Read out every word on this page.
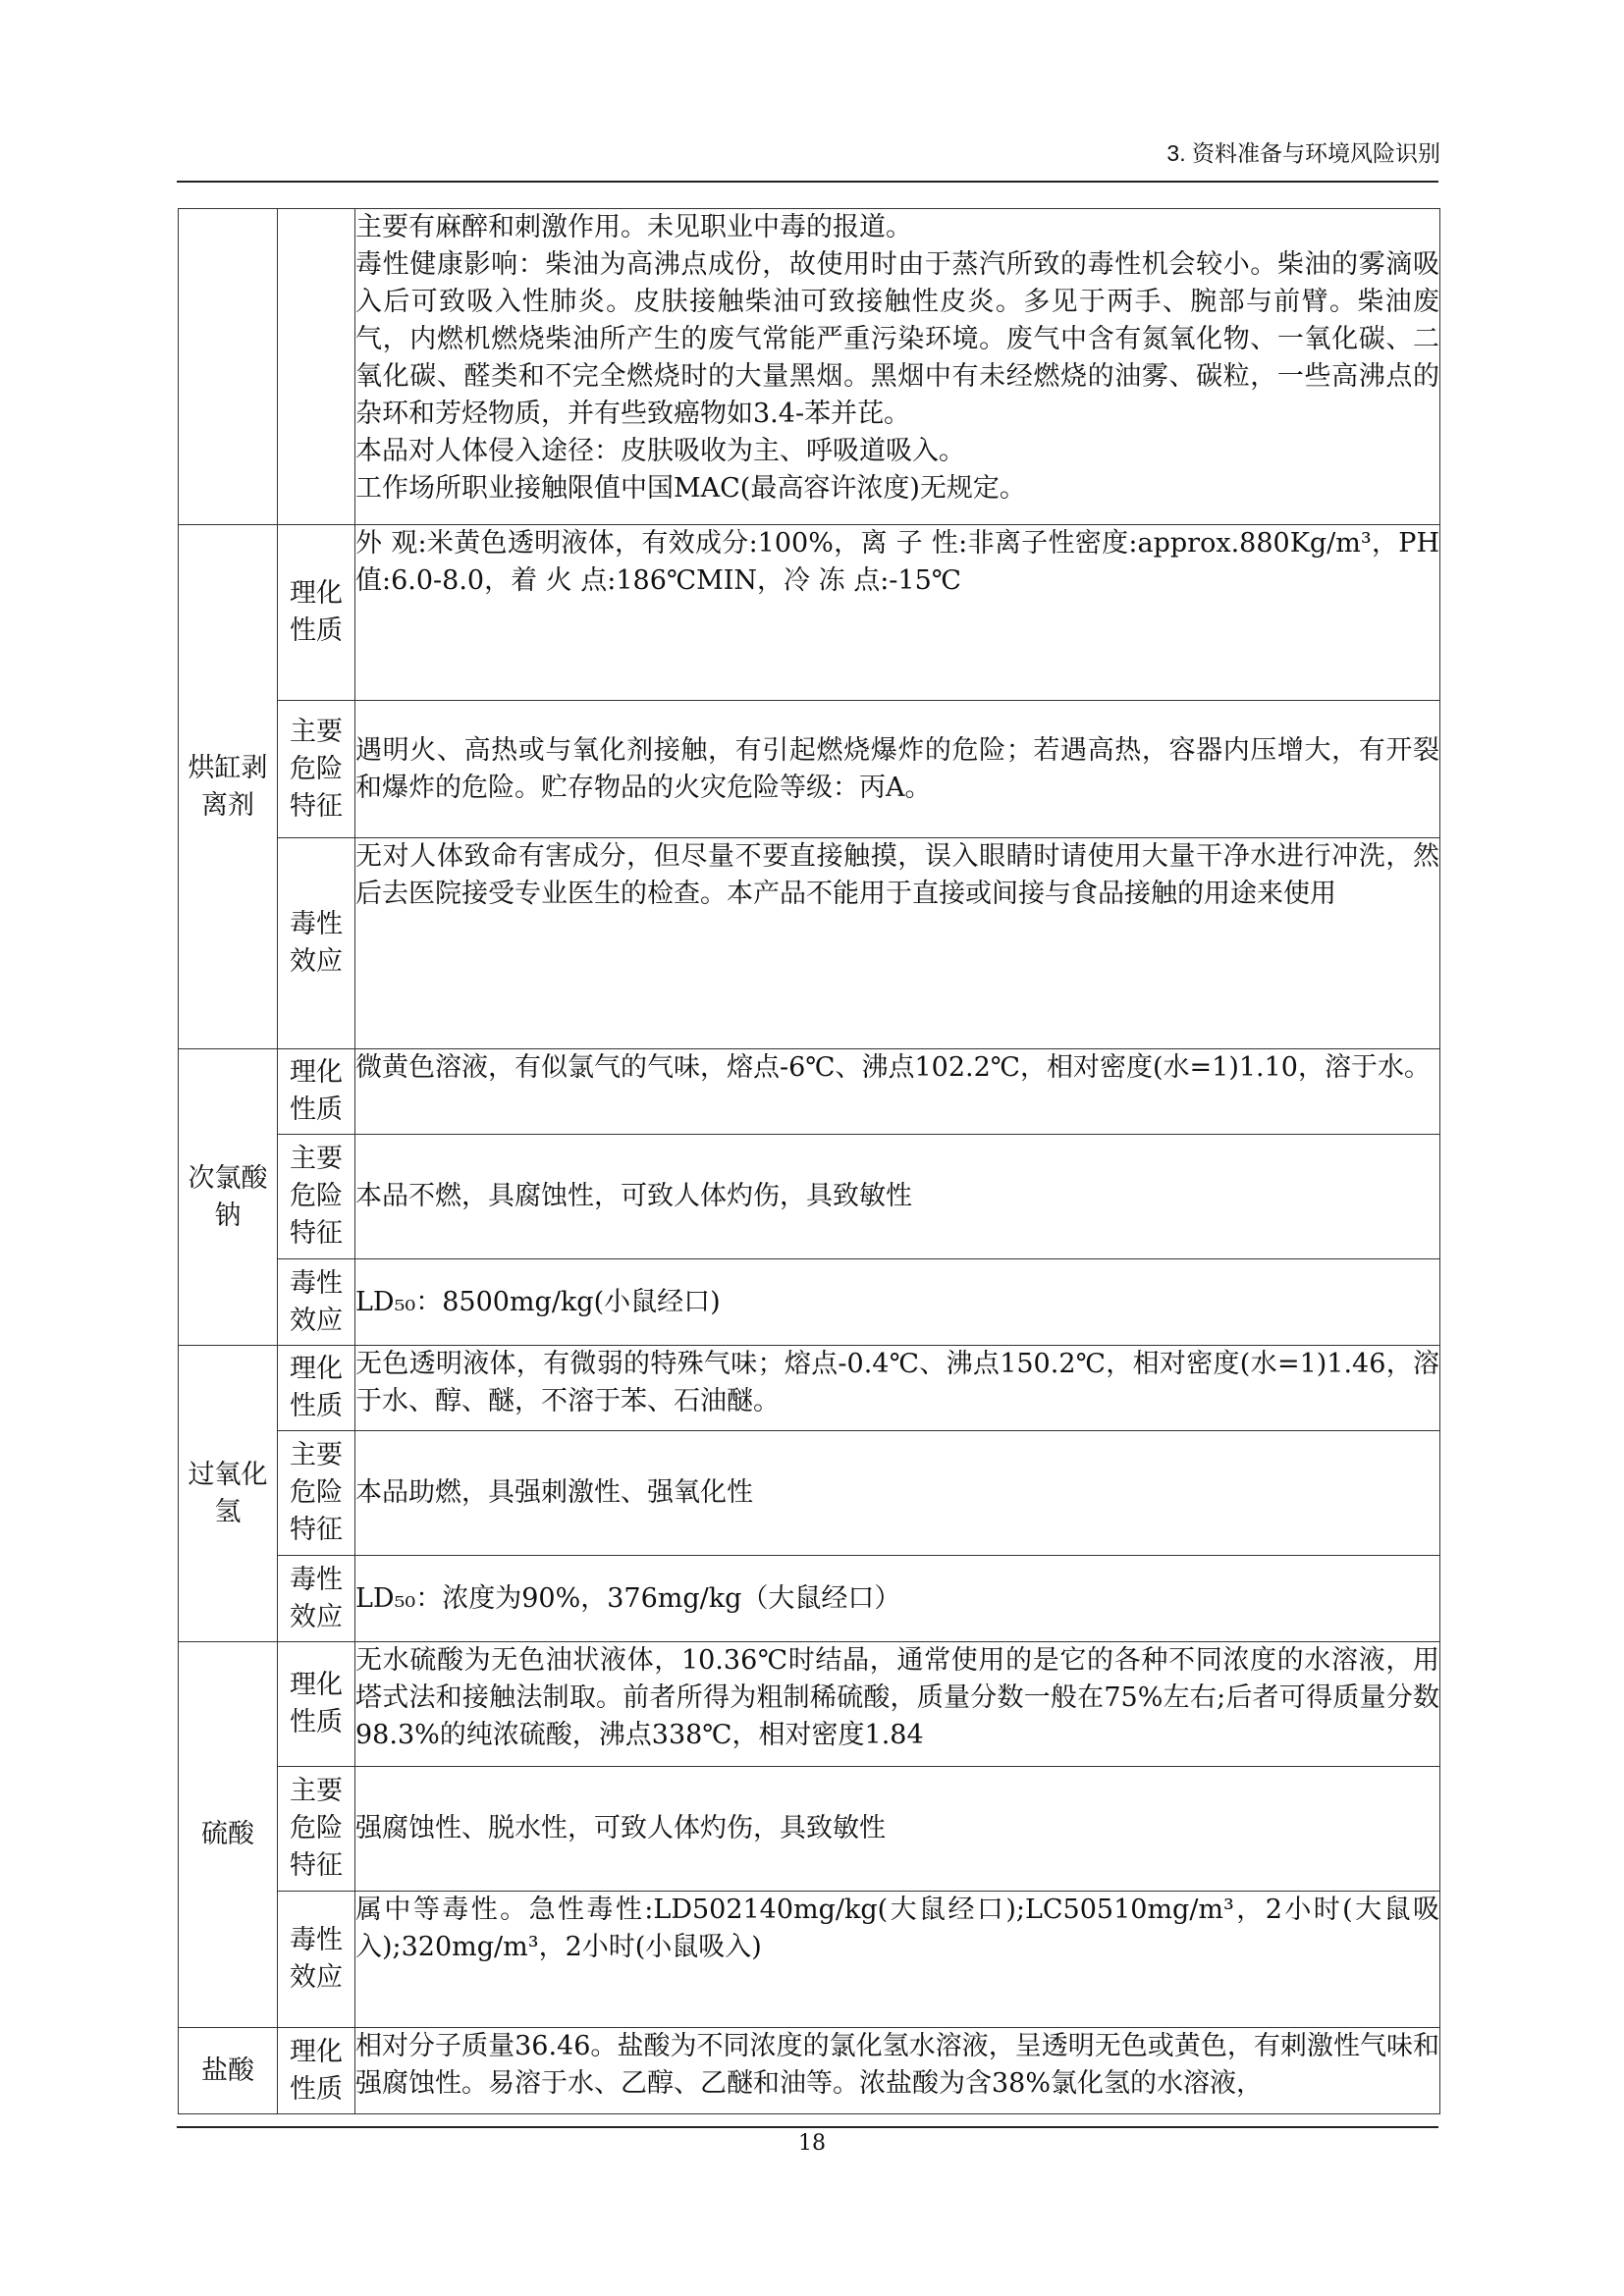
3. 资料准备与环境风险识别

		主要有麻醉和刺激作用。未见职业中毒的报道。

毒性健康影响：柴油为高沸点成份，故使用时由于蒸汽所致的毒性机会较小。柴油的雾滴吸入后可致吸入性肺炎。皮肤接触柴油可致接触性皮炎。多见于两手、腕部与前臂。柴油废气，内燃机燃烧柴油所产生的废气常能严重污染环境。废气中含有氮氧化物、一氧化碳、二氧化碳、醛类和不完全燃烧时的大量黑烟。黑烟中有未经燃烧的油雾、碳粒，一些高沸点的杂环和芳烃物质，并有些致癌物如3.4-苯并芘。

本品对人体侵入途径：皮肤吸收为主、呼吸道吸入。

工作场所职业接触限值中国MAC(最高容许浓度)无规定。

烘缸剥离剂	理化性质	外 观:米黄色透明液体，有效成分:100%，离 子 性:非离子性密度:approx.880Kg/m³，PH 值:6.0-8.0，着 火 点:186℃MIN，冷 冻 点:-15℃
	主要危险特征	遇明火、高热或与氧化剂接触，有引起燃烧爆炸的危险；若遇高热，容器内压增大，有开裂和爆炸的危险。贮存物品的火灾危险等级：丙A。
	毒性效应	无对人体致命有害成分，但尽量不要直接触摸，误入眼睛时请使用大量干净水进行冲洗，然后去医院接受专业医生的检查。本产品不能用于直接或间接与食品接触的用途来使用
次氯酸钠	理化性质	微黄色溶液，有似氯气的气味，熔点-6℃、沸点102.2℃，相对密度(水=1)1.10，溶于水。
	主要危险特征	本品不燃，具腐蚀性，可致人体灼伤，具致敏性
	毒性效应	LD₅₀：8500mg/kg(小鼠经口)
过氧化氢	理化性质	无色透明液体，有微弱的特殊气味；熔点-0.4℃、沸点150.2℃，相对密度(水=1)1.46，溶于水、醇、醚，不溶于苯、石油醚。
	主要危险特征	本品助燃，具强刺激性、强氧化性
	毒性效应	LD₅₀：浓度为90%，376mg/kg（大鼠经口）
硫酸	理化性质	无水硫酸为无色油状液体，10.36℃时结晶，通常使用的是它的各种不同浓度的水溶液，用塔式法和接触法制取。前者所得为粗制稀硫酸，质量分数一般在75%左右;后者可得质量分数98.3%的纯浓硫酸，沸点338℃，相对密度1.84
	主要危险特征	强腐蚀性、脱水性，可致人体灼伤，具致敏性
	毒性效应	属中等毒性。急性毒性:LD502140mg/kg(大鼠经口);LC50510mg/m³，2小时(大鼠吸入);320mg/m³，2小时(小鼠吸入)
盐酸	理化性质	相对分子质量36.46。盐酸为不同浓度的氯化氢水溶液，呈透明无色或黄色，有刺激性气味和强腐蚀性。易溶于水、乙醇、乙醚和油等。浓盐酸为含38%氯化氢的水溶液，
18
